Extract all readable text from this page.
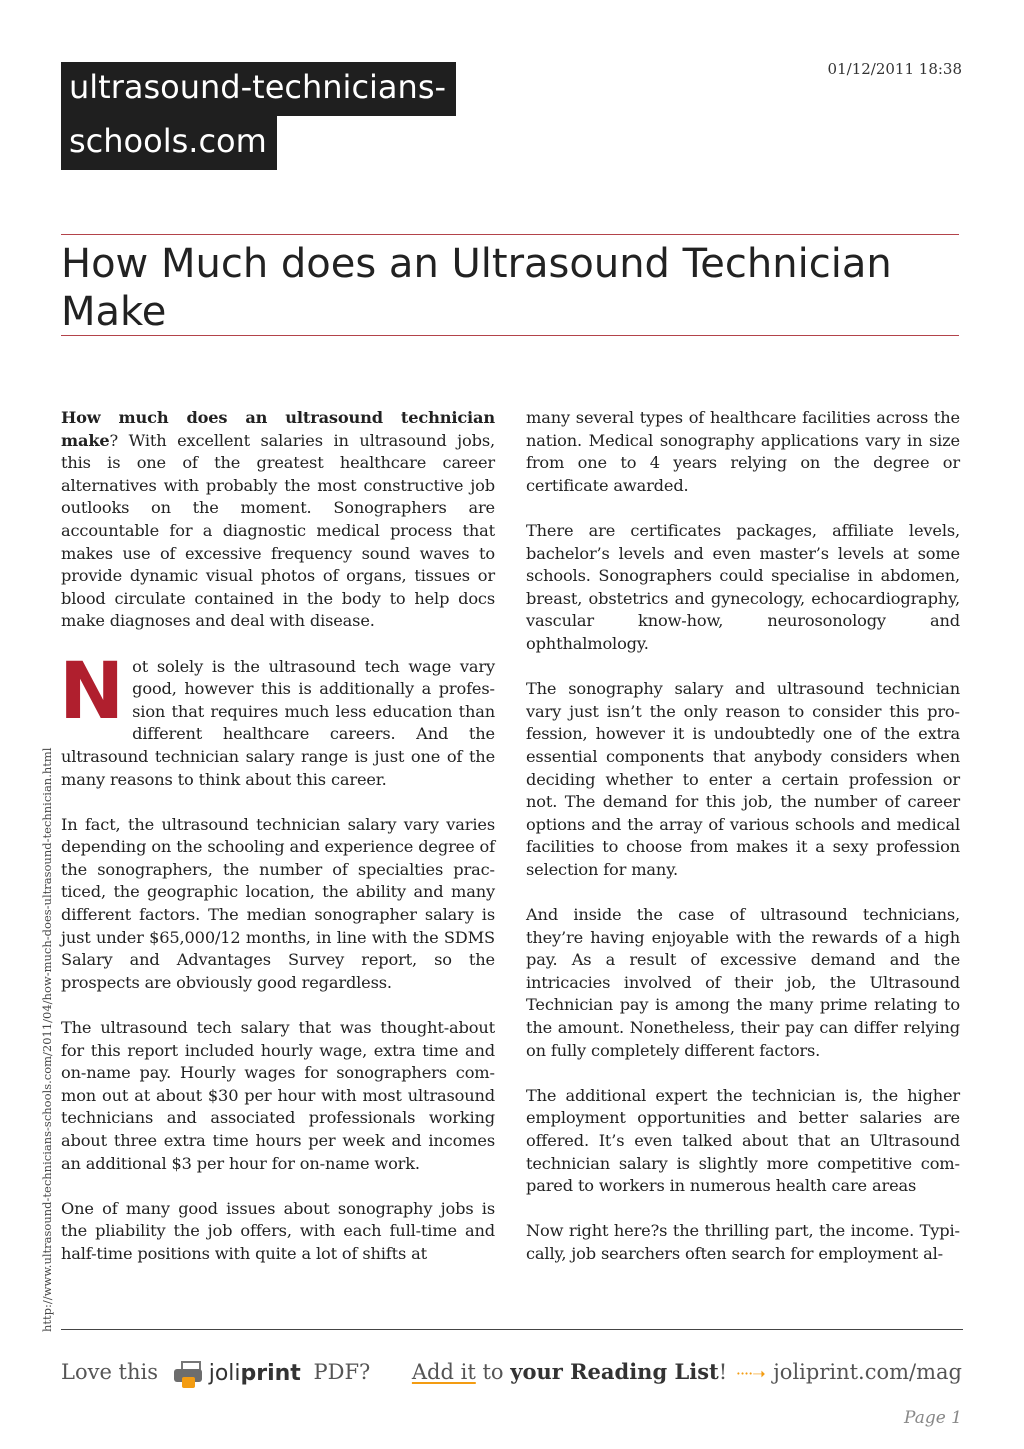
ultrasound-technicians-
schools.com
01/12/2011 18:38
How Much does an Ultrasound Technician Make

How much does an ultrasound technician make? With excellent salaries in ultrasound jobs, this is one of the greatest healthcare career alternatives with probably the most constructive job outlooks on the moment. Sonographers are accountable for a diagnostic medical process that makes use of excessive frequency sound waves to provide dynamic visual photos of organs, tissues or blood circulate contained in the body to help docs make diagnoses and deal with disease.

Not solely is the ultrasound tech wage vary good, however this is additionally a profession that requires much less education than different healthcare careers. And the ultrasound technician salary range is just one of the many reasons to think about this career.

In fact, the ultrasound technician salary vary varies depending on the schooling and experience degree of the sonographers, the number of specialties practiced, the geographic location, the ability and many different factors. The median sonographer salary is just under $65,000/12 months, in line with the SDMS Salary and Advantages Survey report, so the prospects are obviously good regardless.

The ultrasound tech salary that was thought-about for this report included hourly wage, extra time and on-name pay. Hourly wages for sonographers common out at about $30 per hour with most ultrasound technicians and associated professionals working about three extra time hours per week and incomes an additional $3 per hour for on-name work.

One of many good issues about sonography jobs is the pliability the job offers, with each full-time and half-time positions with quite a lot of shifts at

many several types of healthcare facilities across the nation. Medical sonography applications vary in size from one to 4 years relying on the degree or certificate awarded.

There are certificates packages, affiliate levels, bachelor’s levels and even master’s levels at some schools. Sonographers could specialise in abdomen, breast, obstetrics and gynecology, echocardiography, vascular know-how, neurosonology and ophthalmology.

The sonography salary and ultrasound technician vary just isn’t the only reason to consider this profession, however it is undoubtedly one of the extra essential components that anybody considers when deciding whether to enter a certain profession or not. The demand for this job, the number of career options and the array of various schools and medical facilities to choose from makes it a sexy profession selection for many.

And inside the case of ultrasound technicians, they’re having enjoyable with the rewards of a high pay. As a result of excessive demand and the intricacies involved of their job, the Ultrasound Technician pay is among the many prime relating to the amount. Nonetheless, their pay can differ relying on fully completely different factors.

The additional expert the technician is, the higher employment opportunities and better salaries are offered. It’s even talked about that an Ultrasound technician salary is slightly more competitive compared to workers in numerous health care areas

Now right here?s the thrilling part, the income. Typically, job searchers often search for employment al-

http://www.ultrasound-technicians-schools.com/2011/04/how-much-does-ultrasound-technician.html
Love this joliprint PDF? Add it to your Reading List! ····➝ joliprint.com/mag
Page 1
